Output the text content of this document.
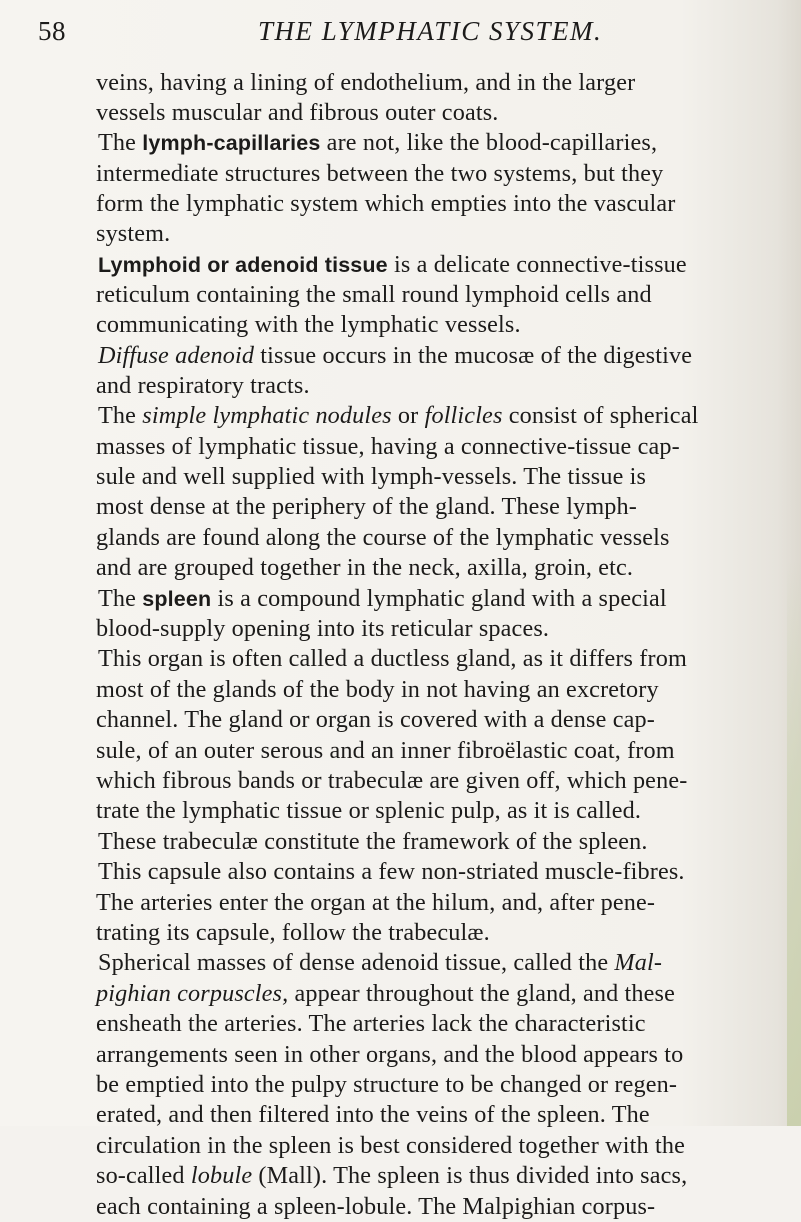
58	THE LYMPHATIC SYSTEM.
veins, having a lining of endothelium, and in the larger
vessels muscular and fibrous outer coats.
The lymph-capillaries are not, like the blood-capillaries,
intermediate structures between the two systems, but they
form the lymphatic system which empties into the vascular
system.
Lymphoid or adenoid tissue is a delicate connective-tissue
reticulum containing the small round lymphoid cells and
communicating with the lymphatic vessels.
Diffuse adenoid tissue occurs in the mucosæ of the digestive
and respiratory tracts.
The simple lymphatic nodules or follicles consist of spherical
masses of lymphatic tissue, having a connective-tissue cap-
sule and well supplied with lymph-vessels. The tissue is
most dense at the periphery of the gland. These lymph-
glands are found along the course of the lymphatic vessels
and are grouped together in the neck, axilla, groin, etc.
The spleen is a compound lymphatic gland with a special
blood-supply opening into its reticular spaces.
This organ is often called a ductless gland, as it differs from
most of the glands of the body in not having an excretory
channel. The gland or organ is covered with a dense cap-
sule, of an outer serous and an inner fibroëlastic coat, from
which fibrous bands or trabeculæ are given off, which pene-
trate the lymphatic tissue or splenic pulp, as it is called.
These trabeculæ constitute the framework of the spleen.
This capsule also contains a few non-striated muscle-fibres.
The arteries enter the organ at the hilum, and, after pene-
trating its capsule, follow the trabeculæ.
Spherical masses of dense adenoid tissue, called the Mal-
pighian corpuscles, appear throughout the gland, and these
ensheath the arteries. The arteries lack the characteristic
arrangements seen in other organs, and the blood appears to
be emptied into the pulpy structure to be changed or regen-
erated, and then filtered into the veins of the spleen. The
circulation in the spleen is best considered together with the
so-called lobule (Mall). The spleen is thus divided into sacs,
each containing a spleen-lobule. The Malpighian corpus-
